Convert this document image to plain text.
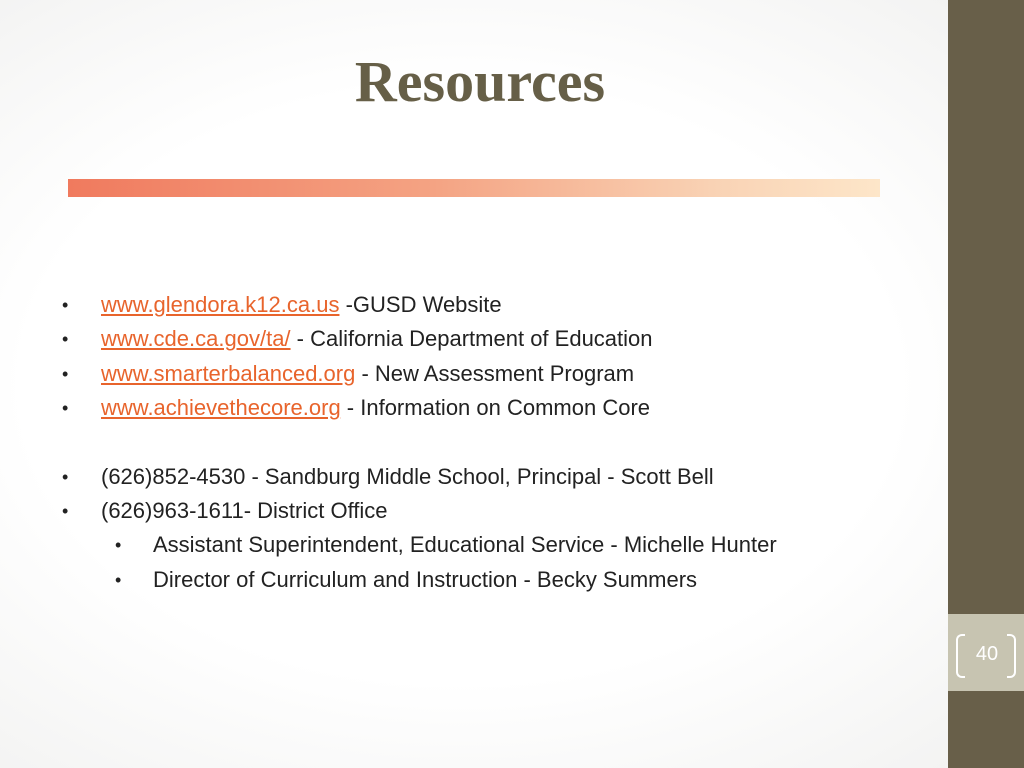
40
Resources
• www.glendora.k12.ca.us -GUSD Website
• www.cde.ca.gov/ta/ - California Department of Education
• www.smarterbalanced.org - New Assessment Program
• www.achievethecore.org - Information on Common Core
• (626)852-4530 - Sandburg Middle School, Principal - Scott Bell
• (626)963-1611- District Office
• Assistant Superintendent, Educational Service - Michelle Hunter
• Director of Curriculum and Instruction - Becky Summers
